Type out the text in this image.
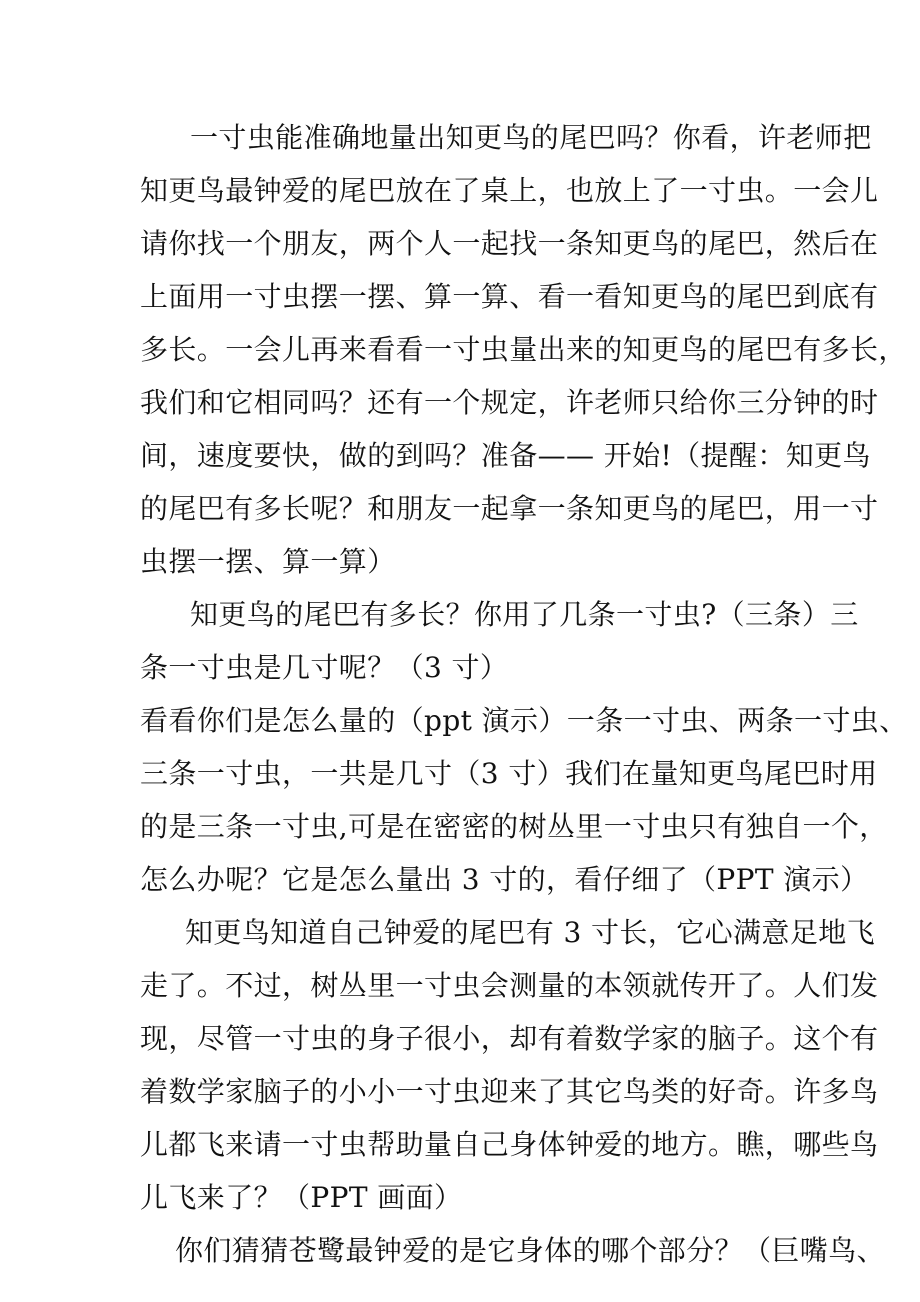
一寸虫能准确地量出知更鸟的尾巴吗？你看，许老师把
知更鸟最钟爱的尾巴放在了桌上，也放上了一寸虫。一会儿
请你找一个朋友，两个人一起找一条知更鸟的尾巴，然后在
上面用一寸虫摆一摆、算一算、看一看知更鸟的尾巴到底有
多长。一会儿再来看看一寸虫量出来的知更鸟的尾巴有多长，
我们和它相同吗？还有一个规定，许老师只给你三分钟的时
间，速度要快，做的到吗？准备—— 开始!（提醒：知更鸟
的尾巴有多长呢？和朋友一起拿一条知更鸟的尾巴，用一寸
虫摆一摆、算一算）
知更鸟的尾巴有多长？你用了几条一寸虫?（三条）三
条一寸虫是几寸呢？（3 寸）
看看你们是怎么量的（ppt 演示）一条一寸虫、两条一寸虫、
三条一寸虫，一共是几寸（3 寸）我们在量知更鸟尾巴时用
的是三条一寸虫,可是在密密的树丛里一寸虫只有独自一个，
怎么办呢？它是怎么量出 3 寸的，看仔细了（PPT 演示）
知更鸟知道自己钟爱的尾巴有 3 寸长，它心满意足地飞
走了。不过，树丛里一寸虫会测量的本领就传开了。人们发
现，尽管一寸虫的身子很小，却有着数学家的脑子。这个有
着数学家脑子的小小一寸虫迎来了其它鸟类的好奇。许多鸟
儿都飞来请一寸虫帮助量自己身体钟爱的地方。瞧，哪些鸟
儿飞来了？（PPT 画面）
你们猜猜苍鹭最钟爱的是它身体的哪个部分？（巨嘴鸟、
